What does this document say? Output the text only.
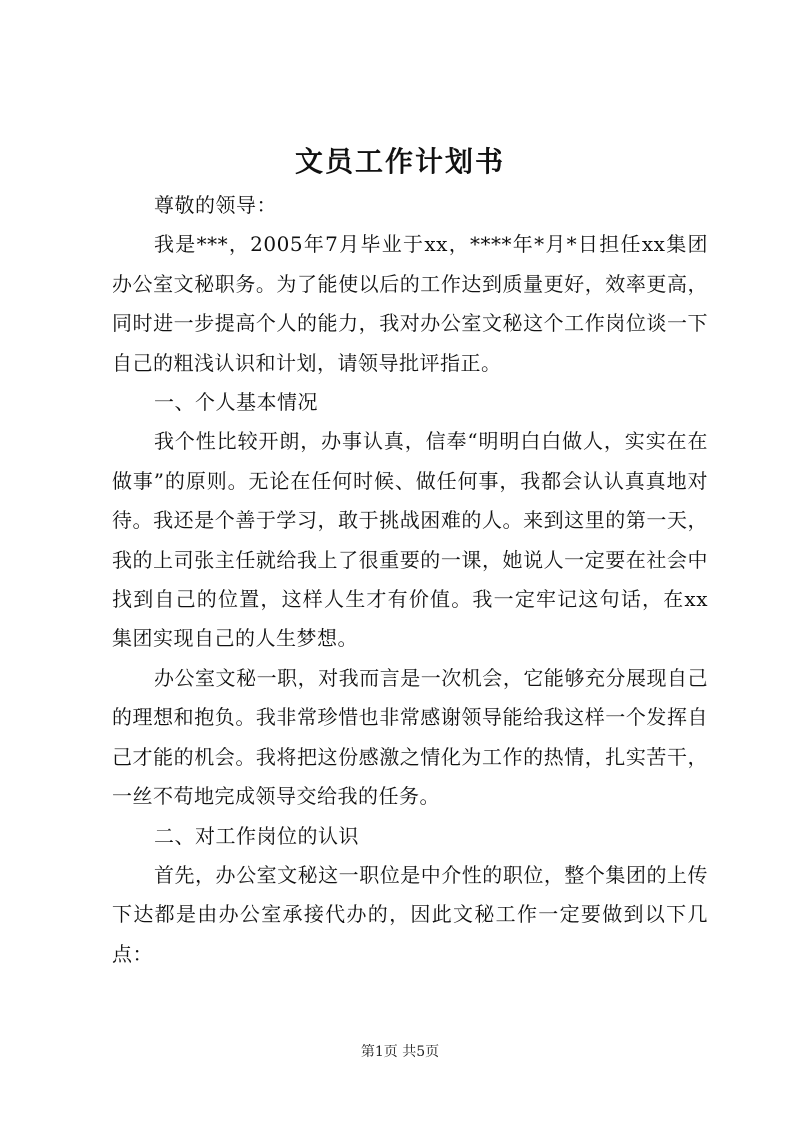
文员工作计划书

尊敬的领导：

我是***，2005年7月毕业于xx，****年*月*日担任xx集团办公室文秘职务。为了能使以后的工作达到质量更好，效率更高，同时进一步提高个人的能力，我对办公室文秘这个工作岗位谈一下自己的粗浅认识和计划，请领导批评指正。

一、个人基本情况

我个性比较开朗，办事认真，信奉“明明白白做人，实实在在做事”的原则。无论在任何时候、做任何事，我都会认认真真地对待。我还是个善于学习，敢于挑战困难的人。来到这里的第一天，我的上司张主任就给我上了很重要的一课，她说人一定要在社会中找到自己的位置，这样人生才有价值。我一定牢记这句话，在xx集团实现自己的人生梦想。

办公室文秘一职，对我而言是一次机会，它能够充分展现自己的理想和抱负。我非常珍惜也非常感谢领导能给我这样一个发挥自己才能的机会。我将把这份感激之情化为工作的热情，扎实苦干，一丝不苟地完成领导交给我的任务。

二、对工作岗位的认识

首先，办公室文秘这一职位是中介性的职位，整个集团的上传下达都是由办公室承接代办的，因此文秘工作一定要做到以下几点：

第1页 共5页
